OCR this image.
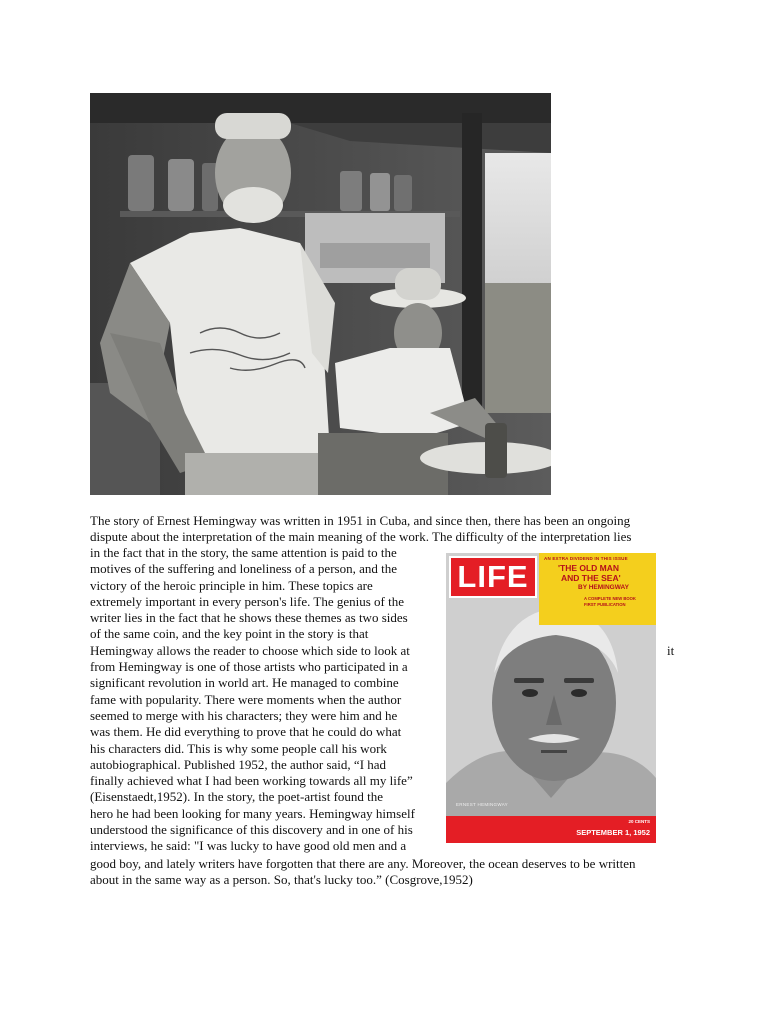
The story of Ernest Hemingway was written in 1951 in Cuba, and since then, there has been an ongoing
dispute about the interpretation of the main meaning of the work. The difficulty of the interpretation lies

in the fact that in the story, the same attention is paid to the
motives of the suffering and loneliness of a person, and the
victory of the heroic principle in him. These topics are
extremely important in every person's life. The genius of the
writer lies in the fact that he shows these themes as two sides
of the same coin, and the key point in the story is that
Hemingway allows the reader to choose which side to look at
from Hemingway is one of those artists who participated in a
significant revolution in world art. He managed to combine
fame with popularity. There were moments when the author
seemed to merge with his characters; they were him and he
was them. He did everything to prove that he could do what
his characters did. This is why some people call his work
autobiographical. Published 1952, the author said, “I had
finally achieved what I had been working towards all my life”
(Eisenstaedt,1952). In the story, the poet-artist found the
hero he had been looking for many years. Hemingway himself
understood the significance of this discovery and in one of his
interviews, he said: "I was lucky to have good old men and a

it

good boy, and lately writers have forgotten that there are any. Moreover, the ocean deserves to be written
about in the same way as a person. So, that's lucky too.” (Cosgrove,1952)

LIFE
AN EXTRA DIVIDEND IN THIS ISSUE
'THE OLD MAN
AND THE SEA'
BY HEMINGWAY
A COMPLETE NEW BOOK
FIRST PUBLICATION
ERNEST HEMINGWAY
20 CENTS
SEPTEMBER 1, 1952
